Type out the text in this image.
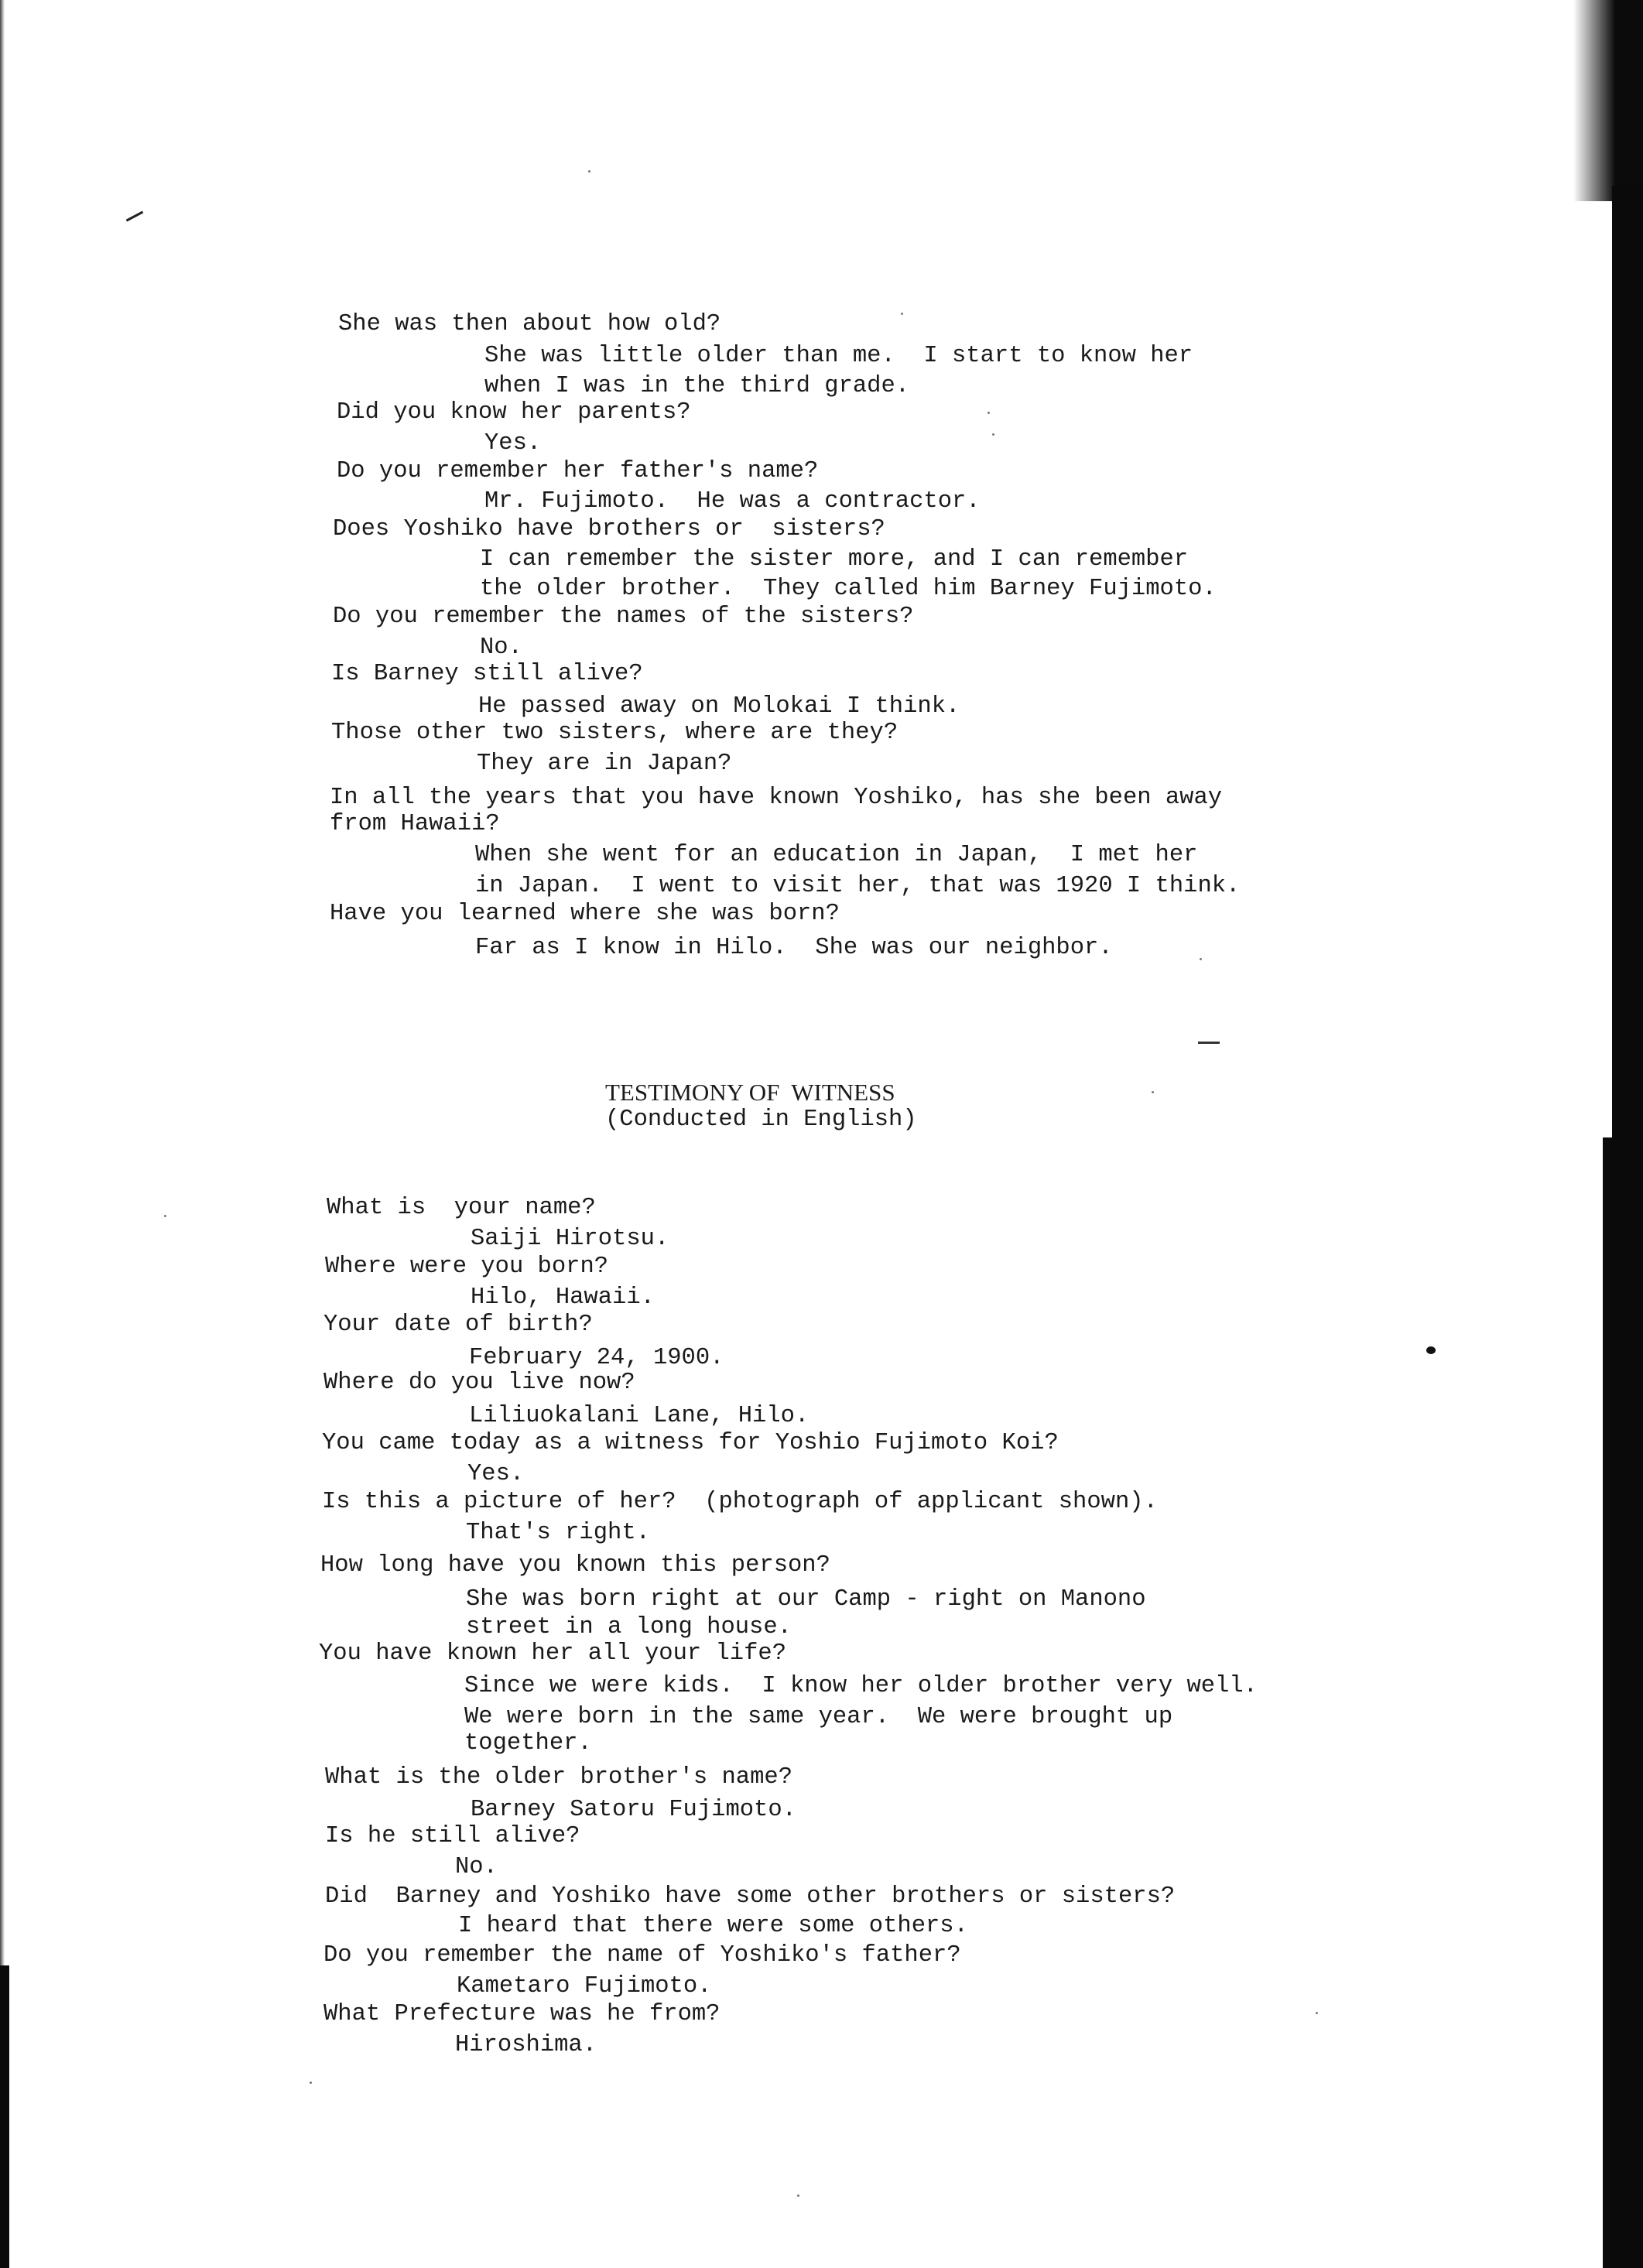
She was then about how old?
She was little older than me.  I start to know her
when I was in the third grade.
Did you know her parents?
Yes.
Do you remember her father's name?
Mr. Fujimoto.  He was a contractor.
Does Yoshiko have brothers or  sisters?
I can remember the sister more, and I can remember
the older brother.  They called him Barney Fujimoto.
Do you remember the names of the sisters?
No.
Is Barney still alive?
He passed away on Molokai I think.
Those other two sisters, where are they?
They are in Japan?
In all the years that you have known Yoshiko, has she been away
from Hawaii?
When she went for an education in Japan,  I met her
in Japan.  I went to visit her, that was 1920 I think.
Have you learned where she was born?
Far as I know in Hilo.  She was our neighbor.
TESTIMONY OF  WITNESS
(Conducted in English)
What is  your name?
Saiji Hirotsu.
Where were you born?
Hilo, Hawaii.
Your date of birth?
February 24, 1900.
Where do you live now?
Liliuokalani Lane, Hilo.
You came today as a witness for Yoshio Fujimoto Koi?
Yes.
Is this a picture of her?  (photograph of applicant shown).
That's right.
How long have you known this person?
She was born right at our Camp - right on Manono
street in a long house.
You have known her all your life?
Since we were kids.  I know her older brother very well.
We were born in the same year.  We were brought up
together.
What is the older brother's name?
Barney Satoru Fujimoto.
Is he still alive?
No.
Did  Barney and Yoshiko have some other brothers or sisters?
I heard that there were some others.
Do you remember the name of Yoshiko's father?
Kametaro Fujimoto.
What Prefecture was he from?
Hiroshima.
